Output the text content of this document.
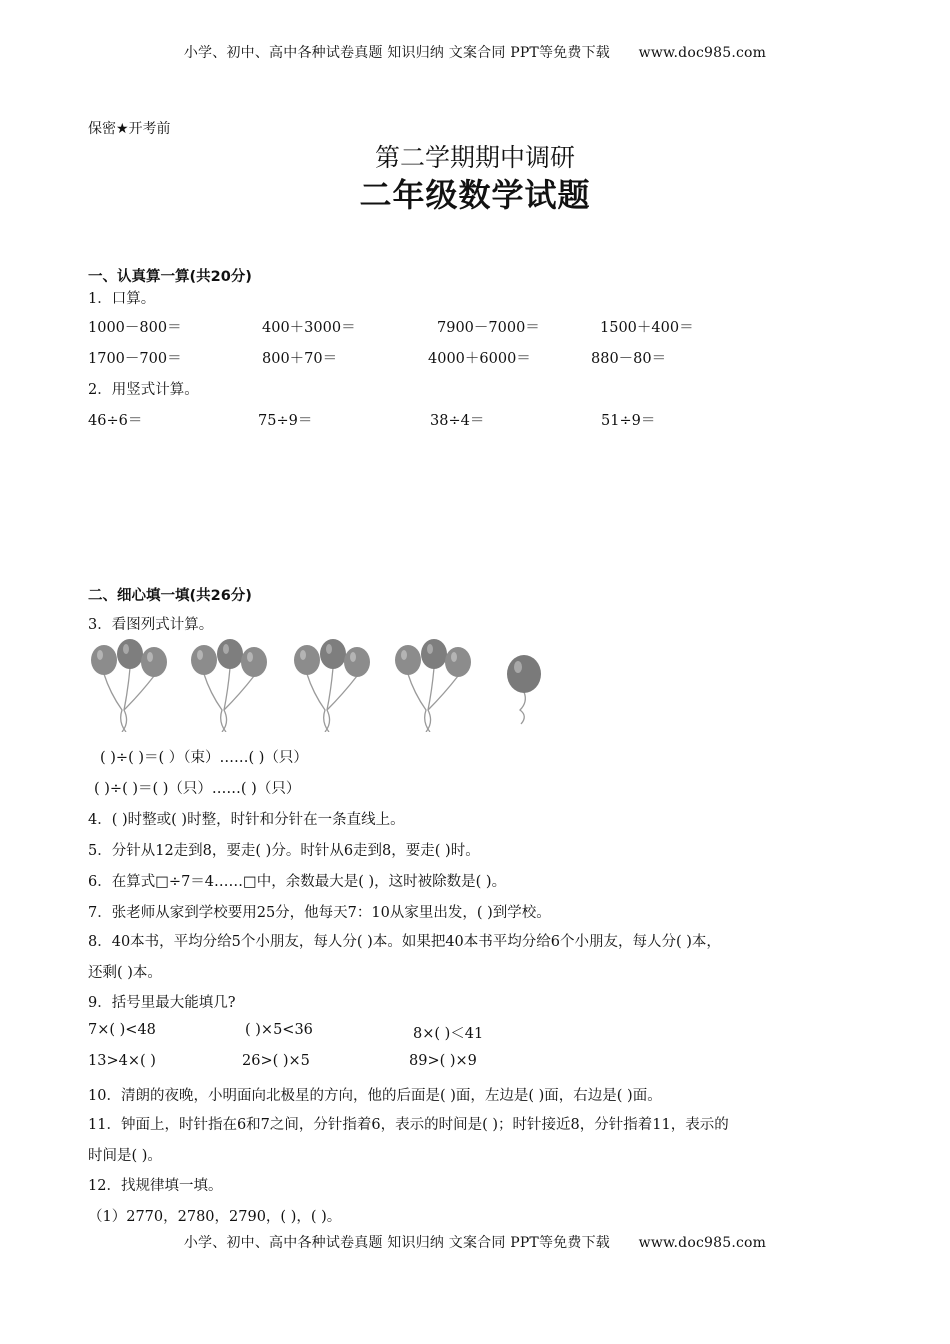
小学、初中、高中各种试卷真题 知识归纳 文案合同 PPT等免费下载 www.doc985.com
保密★开考前
第二学期期中调研
二年级数学试题
一、认真算一算(共20分)
1．口算。
1000－800＝	400＋3000＝	7900－7000＝	1500＋400＝
1700－700＝	800＋70＝	4000＋6000＝	880－80＝
2．用竖式计算。
46÷6＝	75÷9＝	38÷4＝	51÷9＝
二、细心填一填(共26分)
3．看图列式计算。
( )÷( )＝( ）（束）……( )（只）
( )÷( )＝( )（只）……( )（只）
4．( )时整或( )时整，时针和分针在一条直线上。
5．分针从12走到8，要走( )分。时针从6走到8，要走( )时。
6．在算式□÷7＝4……□中，余数最大是( )，这时被除数是( )。
7．张老师从家到学校要用25分，他每天7：10从家里出发，( )到学校。
8．40本书，平均分给5个小朋友，每人分( )本。如果把40本书平均分给6个小朋友，每人分( )本，
还剩( )本。
9．括号里最大能填几?
7×( )<48	( )×5<36	8×( )＜41
13>4×( )	26>( )×5	89>( )×9
10．清朗的夜晚，小明面向北极星的方向，他的后面是( )面，左边是( )面，右边是( )面。
11．钟面上，时针指在6和7之间，分针指着6，表示的时间是( )；时针接近8，分针指着11，表示的
时间是( )。
12．找规律填一填。
（1）2770，2780，2790，( )，( )。
小学、初中、高中各种试卷真题 知识归纳 文案合同 PPT等免费下载 www.doc985.com
